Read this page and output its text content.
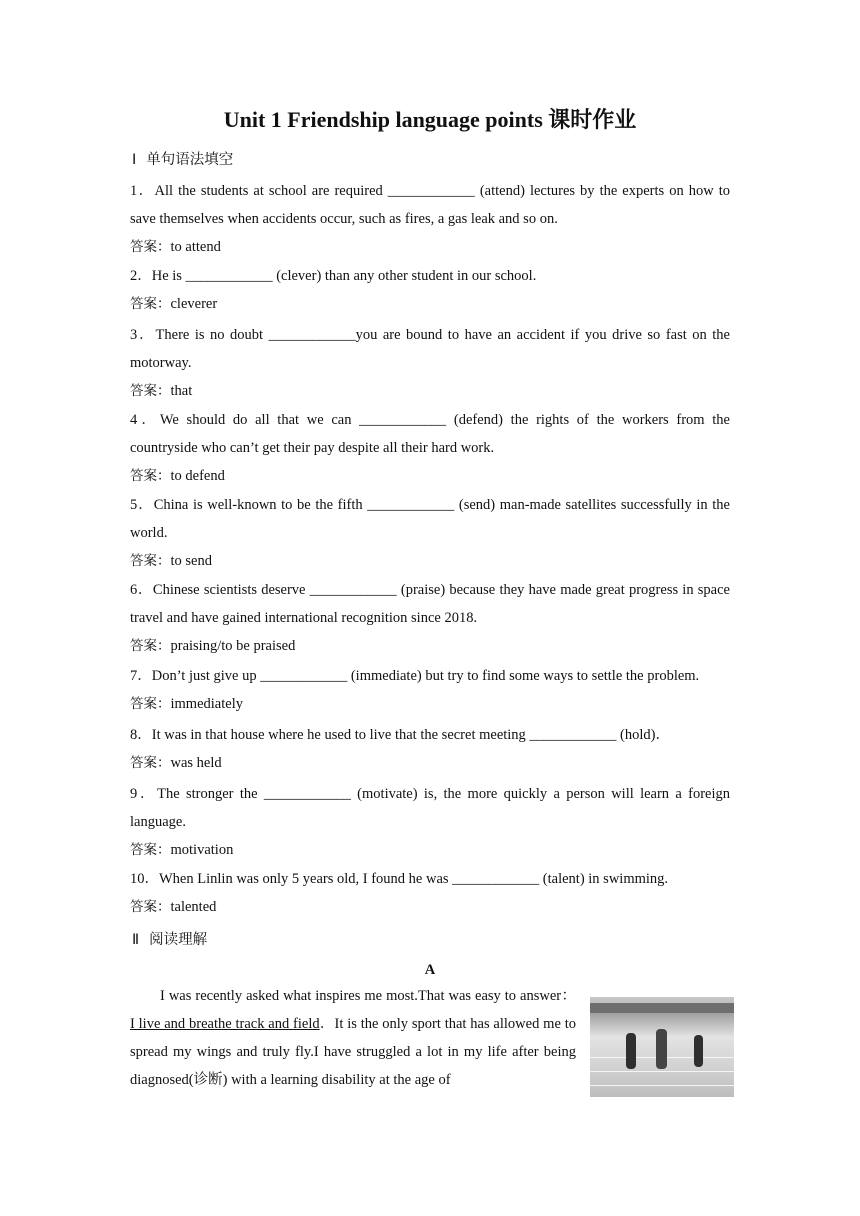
Unit 1 Friendship language points 课时作业
Ⅰ 单句语法填空
1．All the students at school are required ____________ (attend) lectures by the experts on how to save themselves when accidents occur, such as fires, a gas leak and so on.
答案：to attend
2．He is ____________ (clever) than any other student in our school.
答案：cleverer
3．There is no doubt ____________you are bound to have an accident if you drive so fast on the motorway.
答案：that
4．We should do all that we can ____________ (defend) the rights of the workers from the countryside who can’t get their pay despite all their hard work.
答案：to defend
5．China is well-known to be the fifth ____________ (send) man-made satellites successfully in the world.
答案：to send
6．Chinese scientists deserve ____________ (praise) because they have made great progress in space travel and have gained international recognition since 2018.
答案：praising/to be praised
7．Don’t just give up ____________ (immediate) but try to find some ways to settle the problem.
答案：immediately
8．It was in that house where he used to live that the secret meeting ____________ (hold)．
答案：was held
9．The stronger the ____________ (motivate) is, the more quickly a person will learn a foreign language.
答案：motivation
10．When Linlin was only 5 years old, I found he was ____________ (talent) in swimming.
答案：talented
Ⅱ 阅读理解
A
I was recently asked what inspires me most.That was easy to answer：I live and breathe track and field．It is the only sport that has allowed me to spread my wings and truly fly.I have struggled a lot in my life after being diagnosed(诊断) with a learning disability at the age of
